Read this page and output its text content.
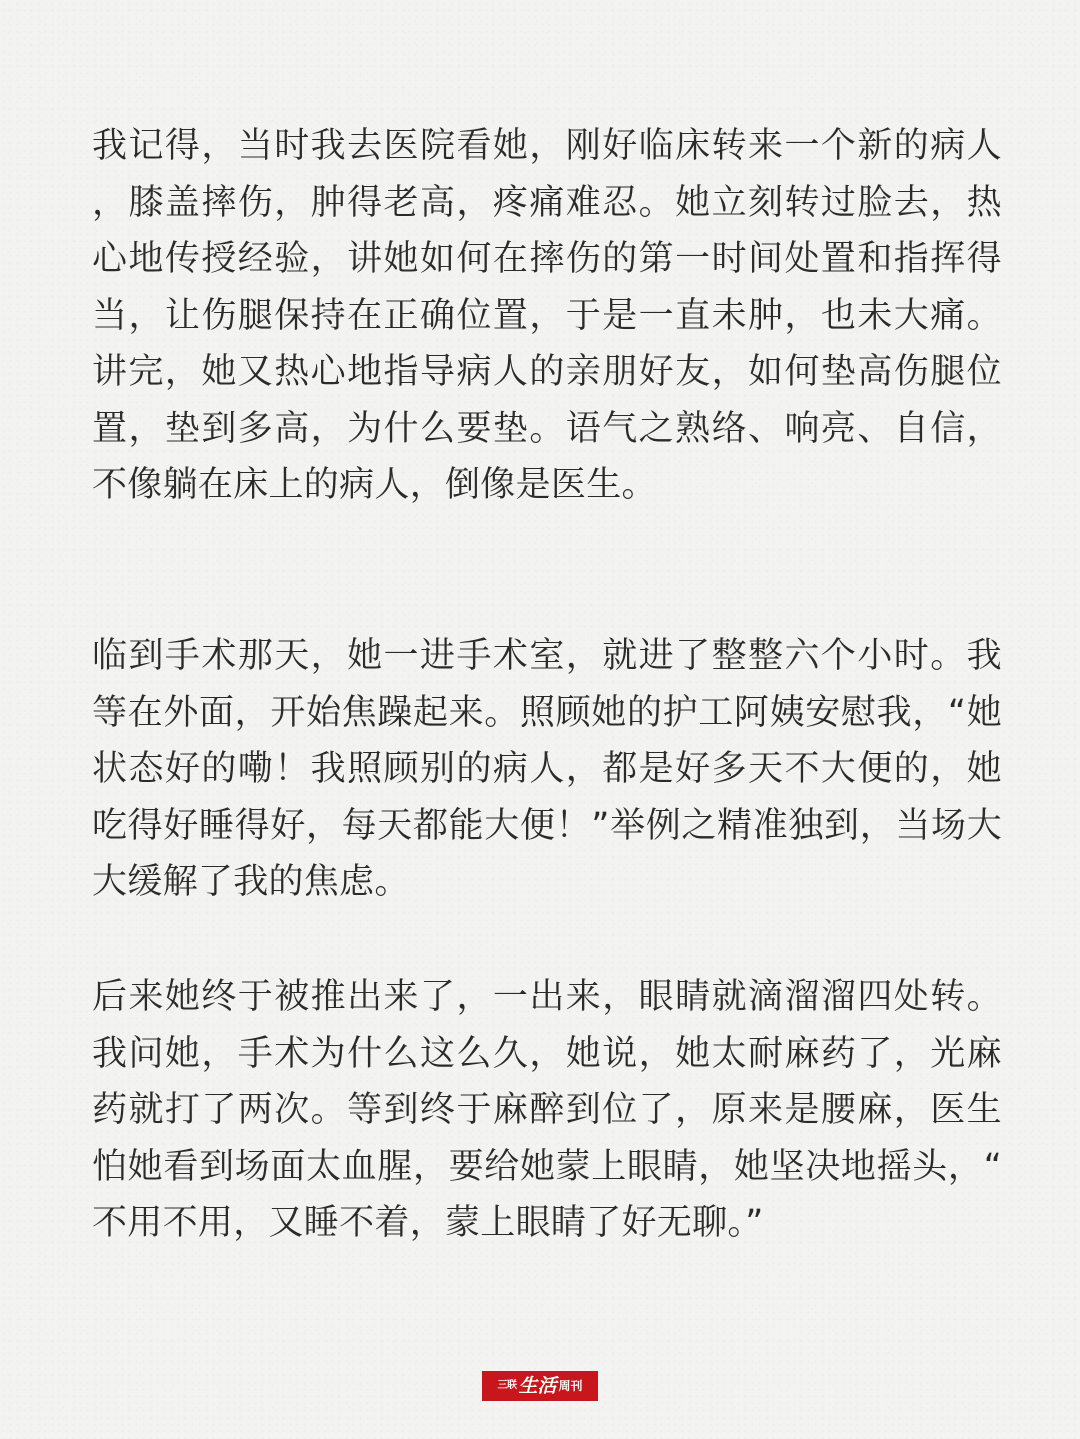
我记得，当时我去医院看她，刚好临床转来一个新的病人，膝盖摔伤，肿得老高，疼痛难忍。她立刻转过脸去，热心地传授经验，讲她如何在摔伤的第一时间处置和指挥得当，让伤腿保持在正确位置，于是一直未肿，也未大痛。讲完，她又热心地指导病人的亲朋好友，如何垫高伤腿位置，垫到多高，为什么要垫。语气之熟络、响亮、自信，不像躺在床上的病人，倒像是医生。

临到手术那天，她一进手术室，就进了整整六个小时。我等在外面，开始焦躁起来。照顾她的护工阿姨安慰我，“她状态好的嘞！我照顾别的病人，都是好多天不大便的，她吃得好睡得好，每天都能大便！”举例之精准独到，当场大大缓解了我的焦虑。

后来她终于被推出来了，一出来，眼睛就滴溜溜四处转。我问她，手术为什么这么久，她说，她太耐麻药了，光麻药就打了两次。等到终于麻醉到位了，原来是腰麻，医生怕她看到场面太血腥，要给她蒙上眼睛，她坚决地摇头，“不用不用，又睡不着，蒙上眼睛了好无聊。”

三联 生活 周刊
